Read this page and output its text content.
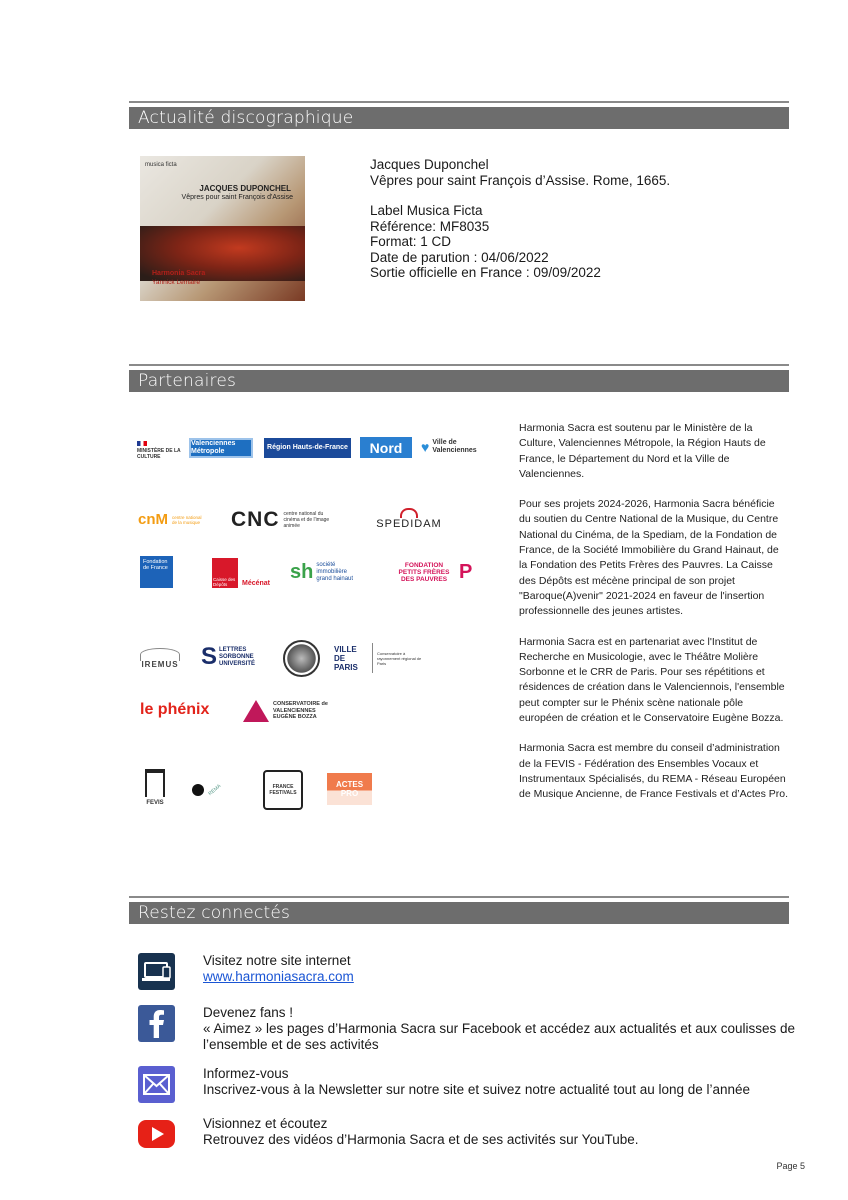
Actualité discographique
musica ficta
JACQUES DUPONCHEL
Vêpres pour saint François d'Assise
Harmonia Sacra
Yannick Lemaire
Jacques Duponchel
Vêpres pour saint François d’Assise. Rome, 1665.
Label Musica Ficta
Référence: MF8035
Format: 1 CD
Date de parution : 04/06/2022
Sortie officielle en France : 09/09/2022
Partenaires
MINISTÈRE DE LA CULTURE
Valenciennes Métropole
Région Hauts-de-France	Nord	♥ Ville de Valenciennes
cnM centre national de la musique CNC centre national du cinéma et de l'image animée	SPEDIDAM
Fondation de France
Caisse des Dépôts	Mécénat
sh société immobilière grand hainaut
FONDATION PETITS FRÈRES DES PAUVRES P
IREMUS S LETTRES SORBONNE UNIVERSITÉ
VILLE DE PARIS
Conservatoire à rayonnement régional de Paris
le phénix	CONSERVATOIRE de VALENCIENNES EUGÈNE BOZZA
FEVIS
REMA	FRANCE FESTIVALS
ACTES PRO

Harmonia Sacra est soutenu par le Ministère de la Culture, Valenciennes Métropole, la Région Hauts de France, le Département du Nord et la Ville de Valenciennes.

Pour ses projets 2024-2026, Harmonia Sacra bénéficie du soutien du Centre National de la Musique, du Centre National du Cinéma, de la Spediam, de la Fondation de France, de la Société Immobilière du Grand Hainaut, de la Fondation des Petits Frères des Pauvres. La Caisse des Dépôts est mécène principal de son projet "Baroque(A)venir" 2021-2024 en faveur de l'insertion professionnelle des jeunes artistes.

Harmonia Sacra est en partenariat avec l'Institut de Recherche en Musicologie, avec le Théâtre Molière Sorbonne et le CRR de Paris. Pour ses répétitions et résidences de création dans le Valenciennois, l'ensemble peut compter sur le Phénix scène nationale pôle européen de création et le Conservatoire Eugène Bozza.

Harmonia Sacra est membre du conseil d’administration de la FEVIS - Fédération des Ensembles Vocaux et Instrumentaux Spécialisés, du REMA - Réseau Européen de Musique Ancienne, de France Festivals et d’Actes Pro.

Restez connectés
Visitez notre site internet
www.harmoniasacra.com
Devenez fans !
« Aimez » les pages d’Harmonia Sacra sur Facebook et accédez aux actualités et aux coulisses de l’ensemble et de ses activités
Informez-vous
Inscrivez-vous à la Newsletter sur notre site et suivez notre actualité tout au long de l’année
Visionnez et écoutez
Retrouvez des vidéos d’Harmonia Sacra et de ses activités sur YouTube.
Page 5
